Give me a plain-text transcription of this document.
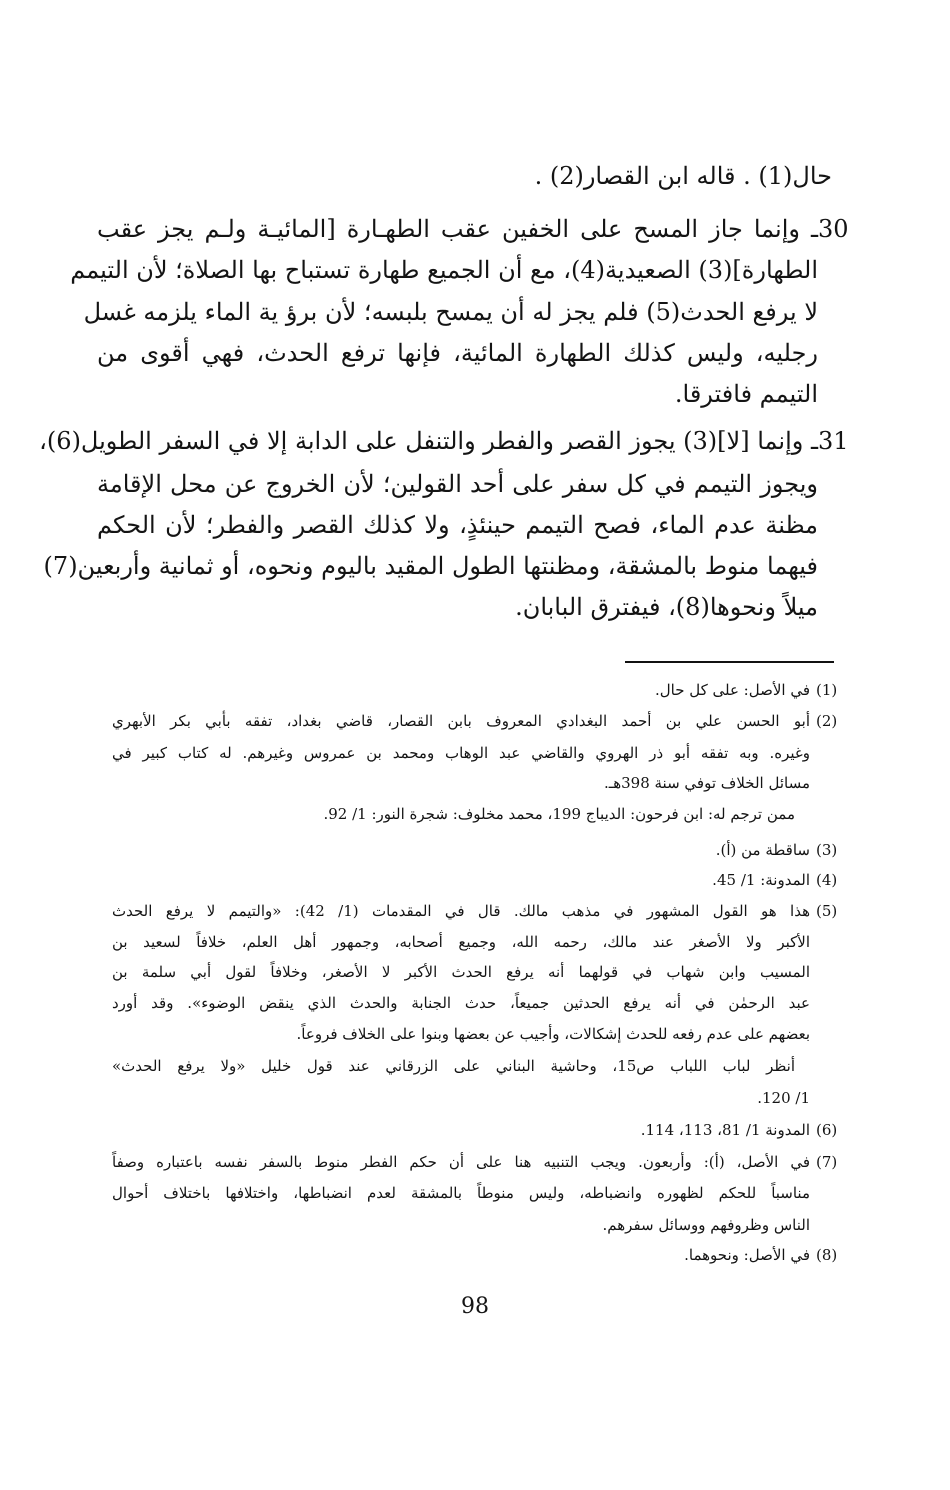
حال(1) . قاله ابن القصار(2) .
30
ـ وإنما جاز المسح على الخفين عقب الطهـارة [المائيـة ولـم يجز عقب
الطهارة](3) الصعيدية(4)، مع أن الجميع طهارة تستباح بها الصلاة؛ لأن التيمم
لا يرفع الحدث(5) فلم يجز له أن يمسح بلبسه؛ لأن برؤ ية الماء يلزمه غسل
رجليه، وليس كذلك الطهارة المائية، فإنها ترفع الحدث، فهي أقوى من
التيمم فافترقا.
31
ـ وإنما [لا](3) يجوز القصر والفطر والتنفل على الدابة إلا في السفر الطويل(6)،
ويجوز التيمم في كل سفر على أحد القولين؛ لأن الخروج عن محل الإقامة
مظنة عدم الماء، فصح التيمم حينئذٍ، ولا كذلك القصر والفطر؛ لأن الحكم
فيهما منوط بالمشقة، ومظنتها الطول المقيد باليوم ونحوه، أو ثمانية وأربعين(7)
ميلاً ونحوها(8)، فيفترق البابان.
(1)
في الأصل: على كل حال.
(2)
أبو الحسن علي بن أحمد البغدادي المعروف بابن القصار، قاضي بغداد، تفقه بأبي بكر الأبهري
وغيره. وبه تفقه أبو ذر الهروي والقاضي عبد الوهاب ومحمد بن عمروس وغيرهم. له كتاب كبير في
مسائل الخلاف توفي سنة 398هـ.
ممن ترجم له: ابن فرحون: الديباج 199، محمد مخلوف: شجرة النور: 1/ 92.
(3)
ساقطة من (أ).
(4)
المدونة: 1/ 45.
(5)
هذا هو القول المشهور في مذهب مالك. قال في المقدمات (1/ 42): «والتيمم لا يرفع الحدث
الأكبر ولا الأصغر عند مالك، رحمه الله، وجميع أصحابه، وجمهور أهل العلم، خلافاً لسعيد بن
المسيب وابن شهاب في قولهما أنه يرفع الحدث الأكبر لا الأصغر، وخلافاً لقول أبي سلمة بن
عبد الرحمٰن في أنه يرفع الحدثين جميعاً، حدث الجنابة والحدث الذي ينقض الوضوء». وقد أورد
بعضهم على عدم رفعه للحدث إشكالات، وأجيب عن بعضها وبنوا على الخلاف فروعاً.
أنظر لباب اللباب ص15، وحاشية البناني على الزرقاني عند قول خليل «ولا يرفع الحدث»
1/ 120.
(6)
المدونة 1/ 81، 113، 114.
(7)
في الأصل، (أ): وأربعون. ويجب التنبيه هنا على أن حكم الفطر منوط بالسفر نفسه باعتباره وصفاً
مناسباً للحكم لظهوره وانضباطه، وليس منوطاً بالمشقة لعدم انضباطها، واختلافها باختلاف أحوال
الناس وظروفهم ووسائل سفرهم.
(8)
في الأصل: ونحوهما.
98
